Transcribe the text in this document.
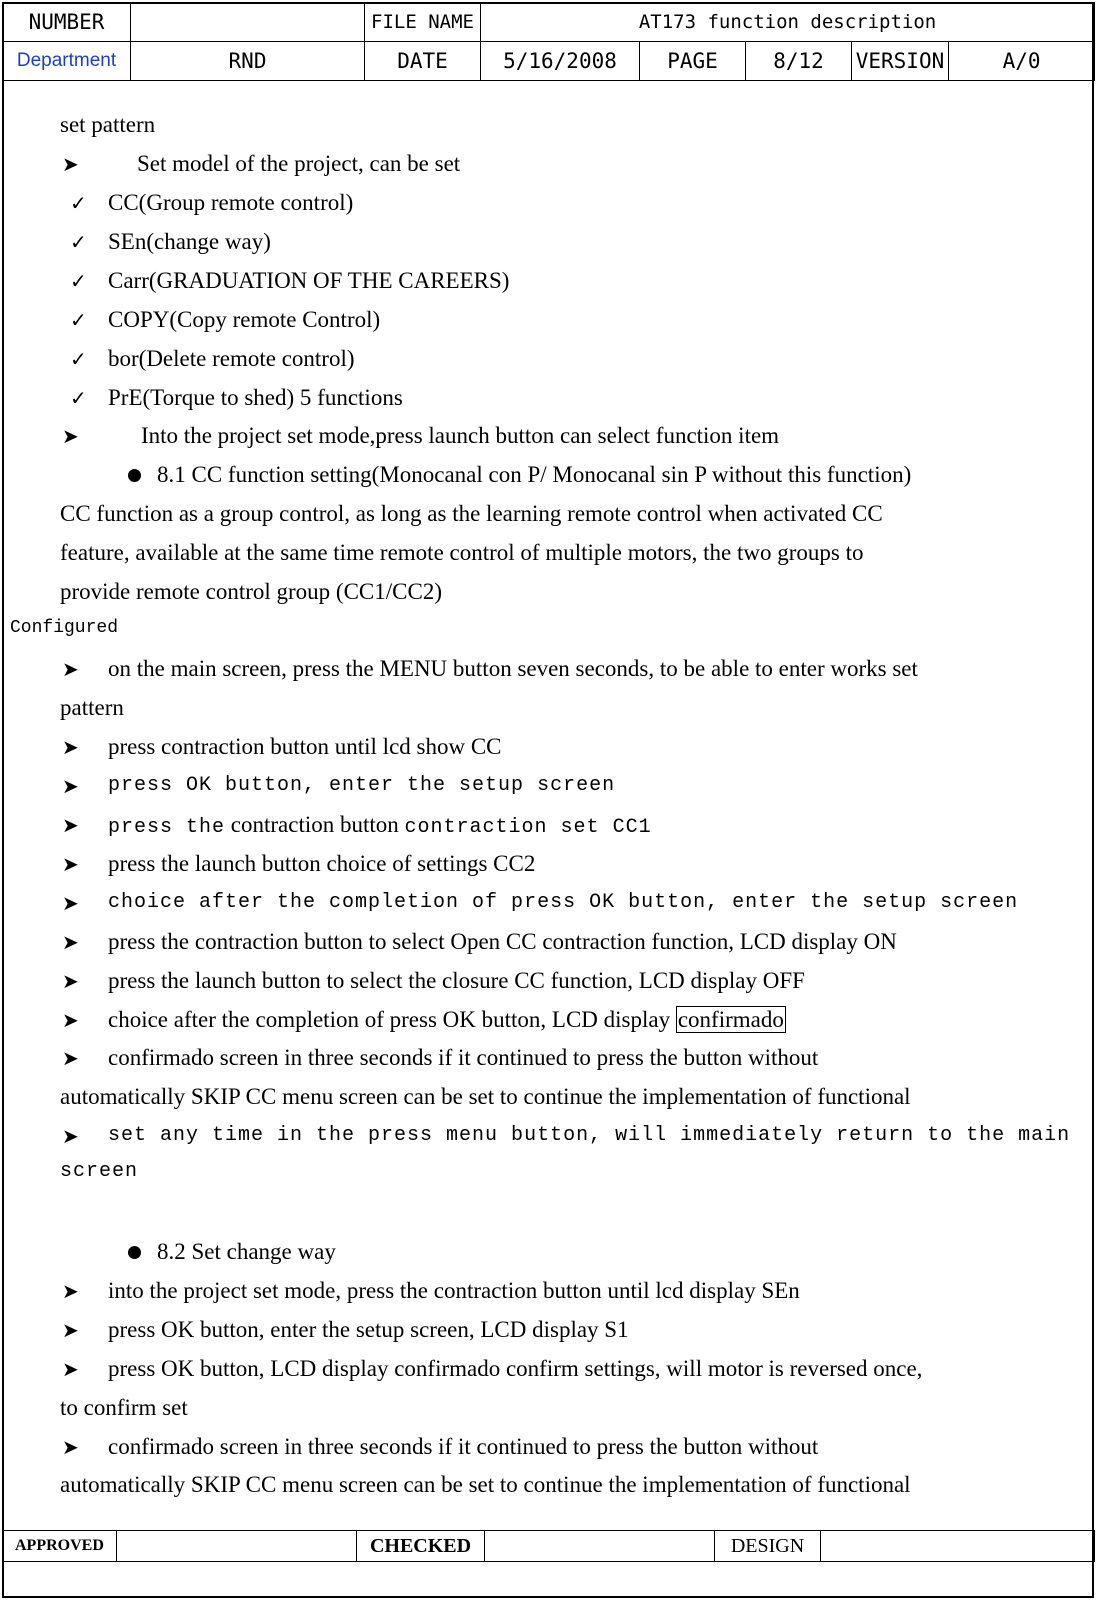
NUMBER		FILE NAME	AT173 function description				
Department	RND	DATE	5/16/2008	PAGE	8/12	VERSION	A/0
set pattern
➤	Set model of the project, can be set
✓ CC(Group remote control)
✓ SEn(change way)
✓ Carr(GRADUATION OF THE CAREERS)
✓ COPY(Copy remote Control)
✓ bor(Delete remote control)
✓ PrE(Torque to shed) 5 functions
➤	Into the project set mode,press launch button can select function item
8.1 CC function setting(Monocanal con P/ Monocanal sin P without this function)
CC function as a group control, as long as the learning remote control when activated CC
feature, available at the same time remote control of multiple motors, the two groups to
provide remote control group (CC1/CC2)
Configured
➤ on the main screen, press the MENU button seven seconds, to be able to enter works set
pattern
➤ press contraction button until lcd show CC
➤ press OK button, enter the setup screen
➤ press the contraction button contraction set CC1
➤ press the launch button choice of settings CC2
➤ choice after the completion of press OK button, enter the setup screen
➤ press the contraction button to select Open CC contraction function, LCD display ON
➤ press the launch button to select the closure CC function, LCD display OFF
➤ choice after the completion of press OK button, LCD display confirmado
➤ confirmado screen in three seconds if it continued to press the button without
automatically SKIP CC menu screen can be set to continue the implementation of functional
➤ set any time in the press menu button, will immediately return to the main
screen
8.2 Set change way
➤ into the project set mode, press the contraction button until lcd display SEn
➤ press OK button, enter the setup screen, LCD display S1
➤ press OK button, LCD display confirmado confirm settings, will motor is reversed once,
to confirm set
➤ confirmado screen in three seconds if it continued to press the button without
automatically SKIP CC menu screen can be set to continue the implementation of functional
APPROVED		CHECKED		DESIGN	
